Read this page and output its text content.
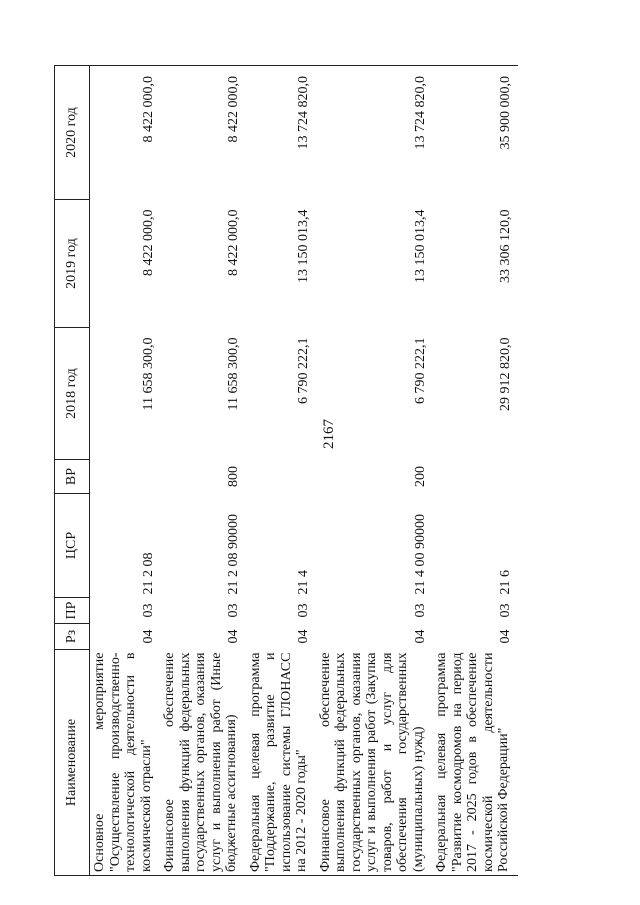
2167
Наименование	Рз	ПР	ЦСР	ВР	2018 год	2019 год	2020 год
Основное мероприятие "Осуществление производственно-технологической деятельности в космической отрасли"	04	03	21 2 08		11 658 300,0	8 422 000,0	8 422 000,0
Финансовое обеспечение выполнения функций федеральных государственных органов, оказания услуг и выполнения работ (Иные бюджетные ассигнования)	04	03	21 2 08 90000	800	11 658 300,0	8 422 000,0	8 422 000,0
Федеральная целевая программа "Поддержание, развитие и использование системы ГЛОНАСС на 2012 - 2020 годы"	04	03	21 4		6 790 222,1	13 150 013,4	13 724 820,0
Финансовое обеспечение выполнения функций федеральных государственных органов, оказания услуг и выполнения работ (Закупка товаров, работ и услуг для обеспечения государственных (муниципальных) нужд)	04	03	21 4 00 90000	200	6 790 222,1	13 150 013,4	13 724 820,0
Федеральная целевая программа "Развитие космодромов на период 2017 - 2025 годов в обеспечение космической деятельности Российской Федерации"	04	03	21 6		29 912 820,0	33 306 120,0	35 900 000,0
